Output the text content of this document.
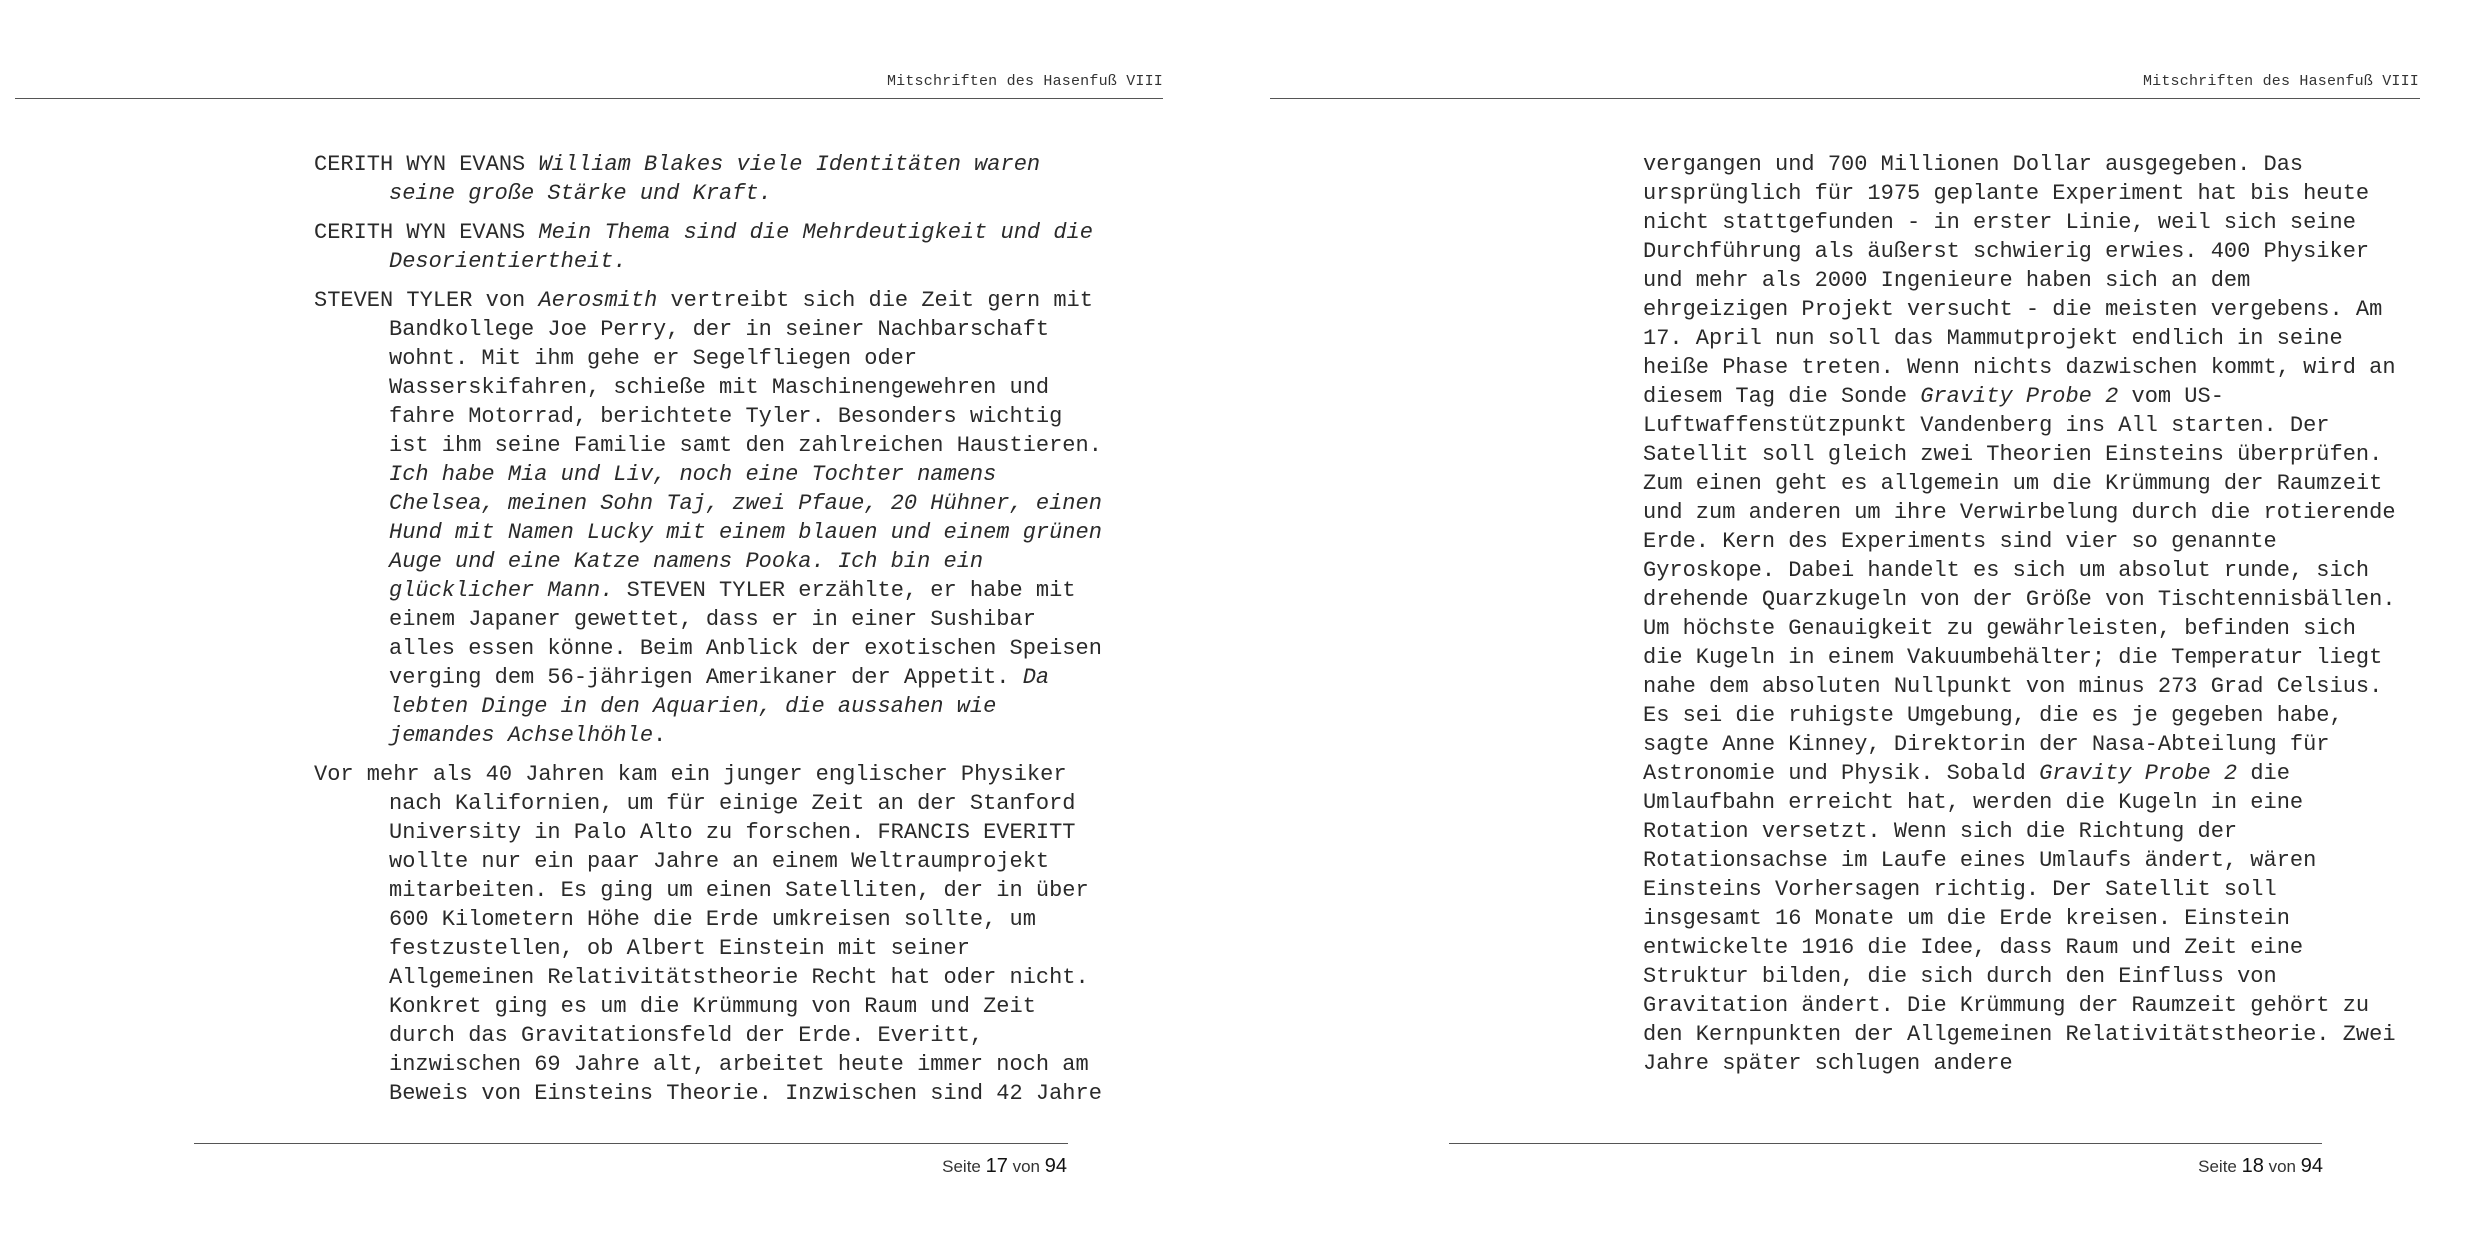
Mitschriften des Hasenfuß VIII

CERITH WYN EVANS William Blakes viele Identitäten waren seine große Stärke und Kraft.

CERITH WYN EVANS Mein Thema sind die Mehrdeutigkeit und die Desorientiertheit.

STEVEN TYLER von Aerosmith vertreibt sich die Zeit gern mit Bandkollege Joe Perry, der in seiner Nachbarschaft wohnt. Mit ihm gehe er Segelfliegen oder Wasserskifahren, schieße mit Maschinengewehren und fahre Motorrad, berichtete Tyler. Besonders wichtig ist ihm seine Familie samt den zahlreichen Haustieren. Ich habe Mia und Liv, noch eine Tochter namens Chelsea, meinen Sohn Taj, zwei Pfaue, 20 Hühner, einen Hund mit Namen Lucky mit einem blauen und einem grünen Auge und eine Katze namens Pooka. Ich bin ein glücklicher Mann. STEVEN TYLER erzählte, er habe mit einem Japaner gewettet, dass er in einer Sushibar alles essen könne. Beim Anblick der exotischen Speisen verging dem 56-jährigen Amerikaner der Appetit. Da lebten Dinge in den Aquarien, die aussahen wie jemandes Achselhöhle.

Vor mehr als 40 Jahren kam ein junger englischer Physiker nach Kalifornien, um für einige Zeit an der Stanford University in Palo Alto zu forschen. FRANCIS EVERITT wollte nur ein paar Jahre an einem Weltraumprojekt mitarbeiten. Es ging um einen Satelliten, der in über 600 Kilometern Höhe die Erde umkreisen sollte, um festzustellen, ob Albert Einstein mit seiner Allgemeinen Relativitätstheorie Recht hat oder nicht. Konkret ging es um die Krümmung von Raum und Zeit durch das Gravitationsfeld der Erde. Everitt, inzwischen 69 Jahre alt, arbeitet heute immer noch am Beweis von Einsteins Theorie. Inzwischen sind 42 Jahre

Seite 17 von 94
Mitschriften des Hasenfuß VIII

vergangen und 700 Millionen Dollar ausgegeben. Das ursprünglich für 1975 geplante Experiment hat bis heute nicht stattgefunden - in erster Linie, weil sich seine Durchführung als äußerst schwierig erwies. 400 Physiker und mehr als 2000 Ingenieure haben sich an dem ehrgeizigen Projekt versucht - die meisten vergebens. Am 17. April nun soll das Mammutprojekt endlich in seine heiße Phase treten. Wenn nichts dazwischen kommt, wird an diesem Tag die Sonde Gravity Probe 2 vom US-Luftwaffenstützpunkt Vandenberg ins All starten. Der Satellit soll gleich zwei Theorien Einsteins überprüfen. Zum einen geht es allgemein um die Krümmung der Raumzeit und zum anderen um ihre Verwirbelung durch die rotierende Erde. Kern des Experiments sind vier so genannte Gyroskope. Dabei handelt es sich um absolut runde, sich drehende Quarzkugeln von der Größe von Tischtennisbällen. Um höchste Genauigkeit zu gewährleisten, befinden sich die Kugeln in einem Vakuumbehälter; die Temperatur liegt nahe dem absoluten Nullpunkt von minus 273 Grad Celsius. Es sei die ruhigste Umgebung, die es je gegeben habe, sagte Anne Kinney, Direktorin der Nasa-Abteilung für Astronomie und Physik. Sobald Gravity Probe 2 die Umlaufbahn erreicht hat, werden die Kugeln in eine Rotation versetzt. Wenn sich die Richtung der Rotationsachse im Laufe eines Umlaufs ändert, wären Einsteins Vorhersagen richtig. Der Satellit soll insgesamt 16 Monate um die Erde kreisen. Einstein entwickelte 1916 die Idee, dass Raum und Zeit eine Struktur bilden, die sich durch den Einfluss von Gravitation ändert. Die Krümmung der Raumzeit gehört zu den Kernpunkten der Allgemeinen Relativitätstheorie. Zwei Jahre später schlugen andere

Seite 18 von 94
